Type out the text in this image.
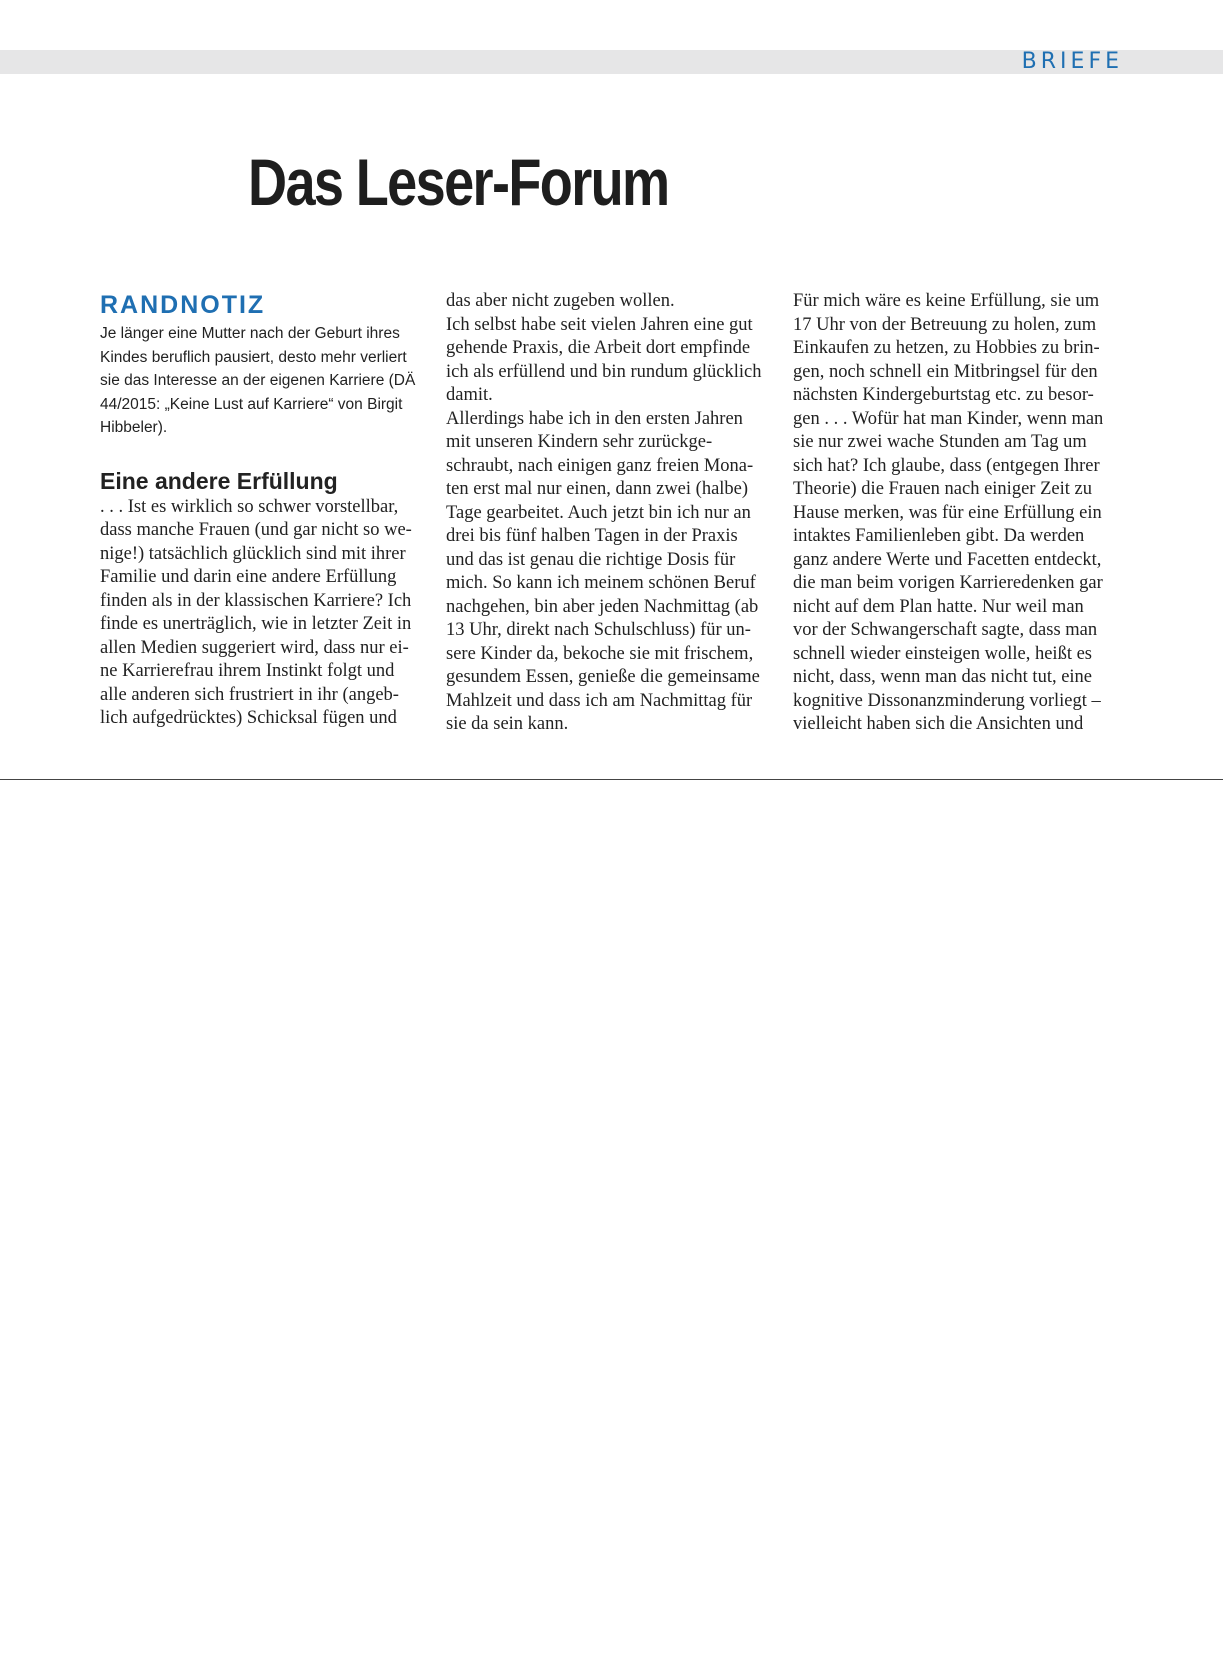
BRIEFE
Das Leser-Forum
RANDNOTIZ
Je länger eine Mutter nach der Geburt ihres
Kindes beruflich pausiert, desto mehr verliert
sie das Interesse an der eigenen Karriere (DÄ
44/2015: „Keine Lust auf Karriere“ von Birgit
Hibbeler).
Eine andere Erfüllung

. . . Ist es wirklich so schwer vorstellbar,

dass manche Frauen (und gar nicht so we-

nige!) tatsächlich glücklich sind mit ihrer

Familie und darin eine andere Erfüllung

finden als in der klassischen Karriere? Ich

finde es unerträglich, wie in letzter Zeit in

allen Medien suggeriert wird, dass nur ei-

ne Karrierefrau ihrem Instinkt folgt und

alle anderen sich frustriert in ihr (angeb-

lich aufgedrücktes) Schicksal fügen und

das aber nicht zugeben wollen.

Ich selbst habe seit vielen Jahren eine gut

gehende Praxis, die Arbeit dort empfinde

ich als erfüllend und bin rundum glücklich

damit.

Allerdings habe ich in den ersten Jahren

mit unseren Kindern sehr zurückge-

schraubt, nach einigen ganz freien Mona-

ten erst mal nur einen, dann zwei (halbe)

Tage gearbeitet. Auch jetzt bin ich nur an

drei bis fünf halben Tagen in der Praxis

und das ist genau die richtige Dosis für

mich. So kann ich meinem schönen Beruf

nachgehen, bin aber jeden Nachmittag (ab

13 Uhr, direkt nach Schulschluss) für un-

sere Kinder da, bekoche sie mit frischem,

gesundem Essen, genieße die gemeinsame

Mahlzeit und dass ich am Nachmittag für

sie da sein kann.

Für mich wäre es keine Erfüllung, sie um

17 Uhr von der Betreuung zu holen, zum

Einkaufen zu hetzen, zu Hobbies zu brin-

gen, noch schnell ein Mitbringsel für den

nächsten Kindergeburtstag etc. zu besor-

gen . . . Wofür hat man Kinder, wenn man

sie nur zwei wache Stunden am Tag um

sich hat? Ich glaube, dass (entgegen Ihrer

Theorie) die Frauen nach einiger Zeit zu

Hause merken, was für eine Erfüllung ein

intaktes Familienleben gibt. Da werden

ganz andere Werte und Facetten entdeckt,

die man beim vorigen Karrieredenken gar

nicht auf dem Plan hatte. Nur weil man

vor der Schwangerschaft sagte, dass man

schnell wieder einsteigen wolle, heißt es

nicht, dass, wenn man das nicht tut, eine

kognitive Dissonanzminderung vorliegt –

vielleicht haben sich die Ansichten und
